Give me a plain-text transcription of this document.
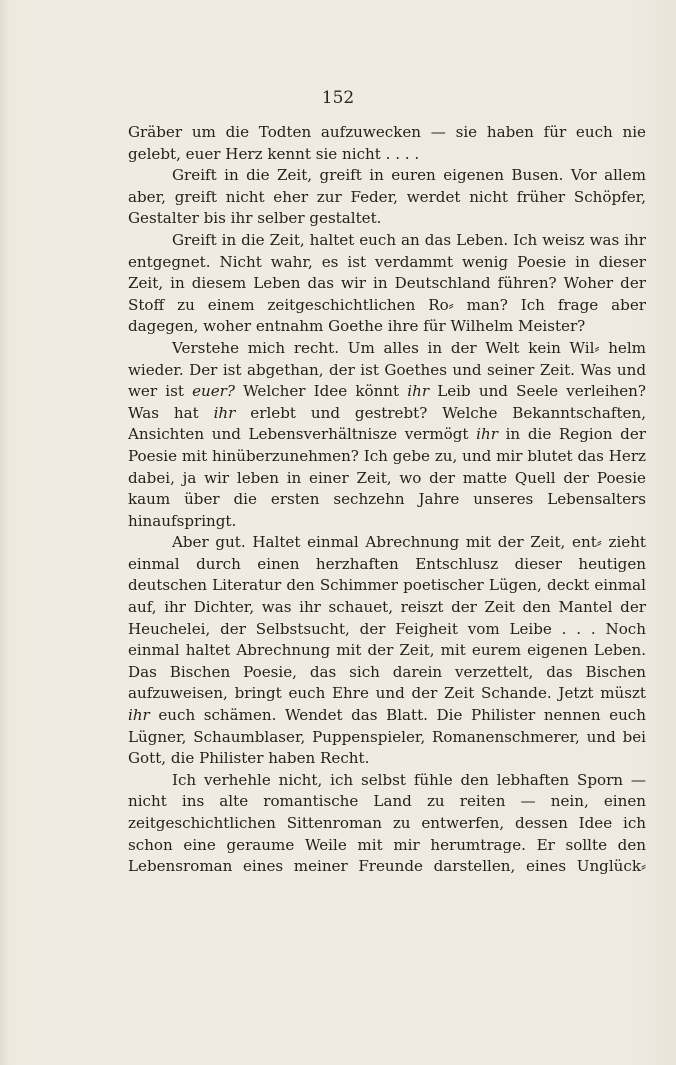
152

Gräber um die Todten aufzuwecken — sie haben für euch nie gelebt, euer Herz kennt sie nicht . . . .

Greift in die Zeit, greift in euren eigenen Busen. Vor allem aber, greift nicht eher zur Feder, werdet nicht früher Schöpfer, Gestalter bis ihr selber gestaltet.

Greift in die Zeit, haltet euch an das Leben. Ich weisz was ihr entgegnet. Nicht wahr, es ist verdammt wenig Poesie in dieser Zeit, in diesem Leben das wir in Deutschland führen? Woher der Stoff zu einem zeitgeschichtlichen Ro⸗ man? Ich frage aber dagegen, woher entnahm Goethe ihre für Wilhelm Meister?

Verstehe mich recht. Um alles in der Welt kein Wil⸗ helm wieder. Der ist abgethan, der ist Goethes und seiner Zeit. Was und wer ist euer? Welcher Idee könnt ihr Leib und Seele verleihen? Was hat ihr erlebt und gestrebt? Welche Bekanntschaften, Ansichten und Lebensverhältnisze vermögt ihr in die Region der Poesie mit hinüberzunehmen? Ich gebe zu, und mir blutet das Herz dabei, ja wir leben in einer Zeit, wo der matte Quell der Poesie kaum über die ersten sechzehn Jahre unseres Lebensalters hinaufspringt.

Aber gut. Haltet einmal Abrechnung mit der Zeit, ent⸗ zieht einmal durch einen herzhaften Entschlusz dieser heutigen deutschen Literatur den Schimmer poetischer Lügen, deckt einmal auf, ihr Dichter, was ihr schauet, reiszt der Zeit den Mantel der Heuchelei, der Selbstsucht, der Feigheit vom Leibe . . . Noch einmal haltet Abrechnung mit der Zeit, mit eurem eigenen Leben. Das Bischen Poesie, das sich darein verzettelt, das Bischen aufzuweisen, bringt euch Ehre und der Zeit Schande. Jetzt müszt ihr euch schämen. Wendet das Blatt. Die Philister nennen euch Lügner, Schaumblaser, Puppenspieler, Romanenschmerer, und bei Gott, die Philister haben Recht.

Ich verhehle nicht, ich selbst fühle den lebhaften Sporn — nicht ins alte romantische Land zu reiten — nein, einen zeitgeschichtlichen Sittenroman zu entwerfen, dessen Idee ich schon eine geraume Weile mit mir herumtrage. Er sollte den Lebensroman eines meiner Freunde darstellen, eines Unglück⸗
